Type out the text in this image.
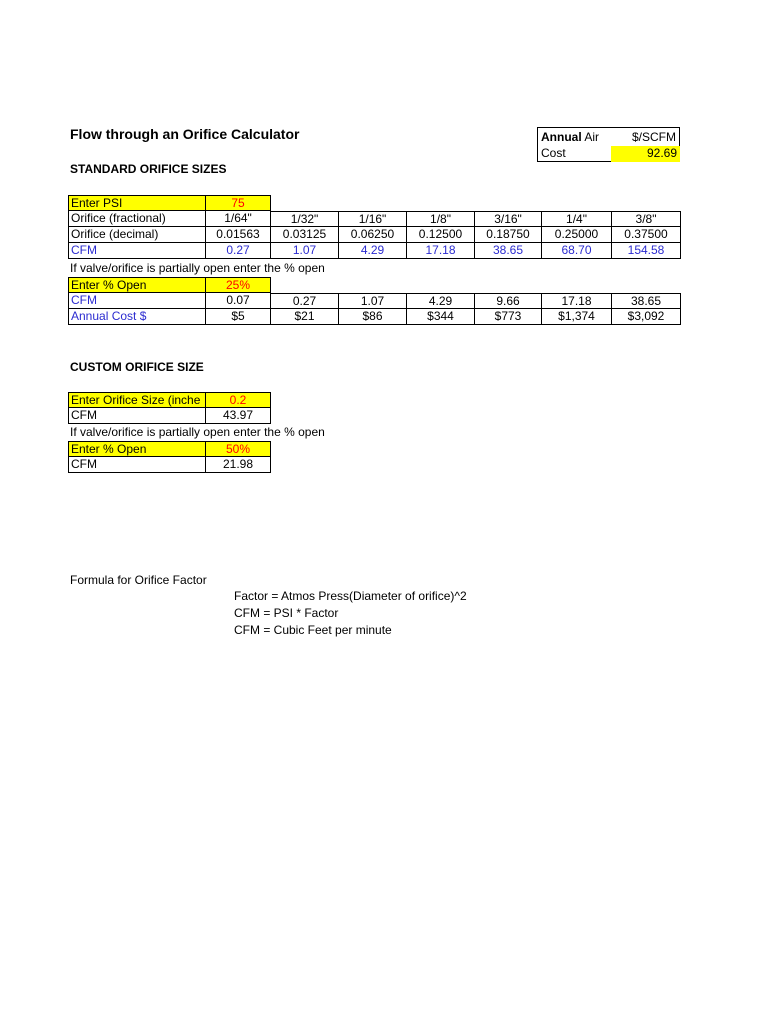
Flow through an Orifice Calculator	Annual Air	$/SCFM
Cost	92.69
STANDARD ORIFICE SIZES
Enter PSI	75
Orifice (fractional)	1/64"	1/32"	1/16"	1/8"	3/16"	1/4"	3/8"
Orifice (decimal)	0.01563	0.03125	0.06250	0.12500	0.18750	0.25000	0.37500
CFM	0.27	1.07	4.29	17.18	38.65	68.70	154.58
If valve/orifice is partially open enter the % open
Enter % Open	25%
CFM	0.07	0.27	1.07	4.29	9.66	17.18	38.65
Annual Cost $	$5	$21	$86	$344	$773	$1,374	$3,092
CUSTOM ORIFICE SIZE
Enter Orifice Size (inche	0.2
CFM	43.97
If valve/orifice is partially open enter the % open
Enter % Open	50%
CFM	21.98
Formula for Orifice Factor
Factor = Atmos Press(Diameter of orifice)^2
CFM = PSI * Factor
CFM = Cubic Feet per minute
